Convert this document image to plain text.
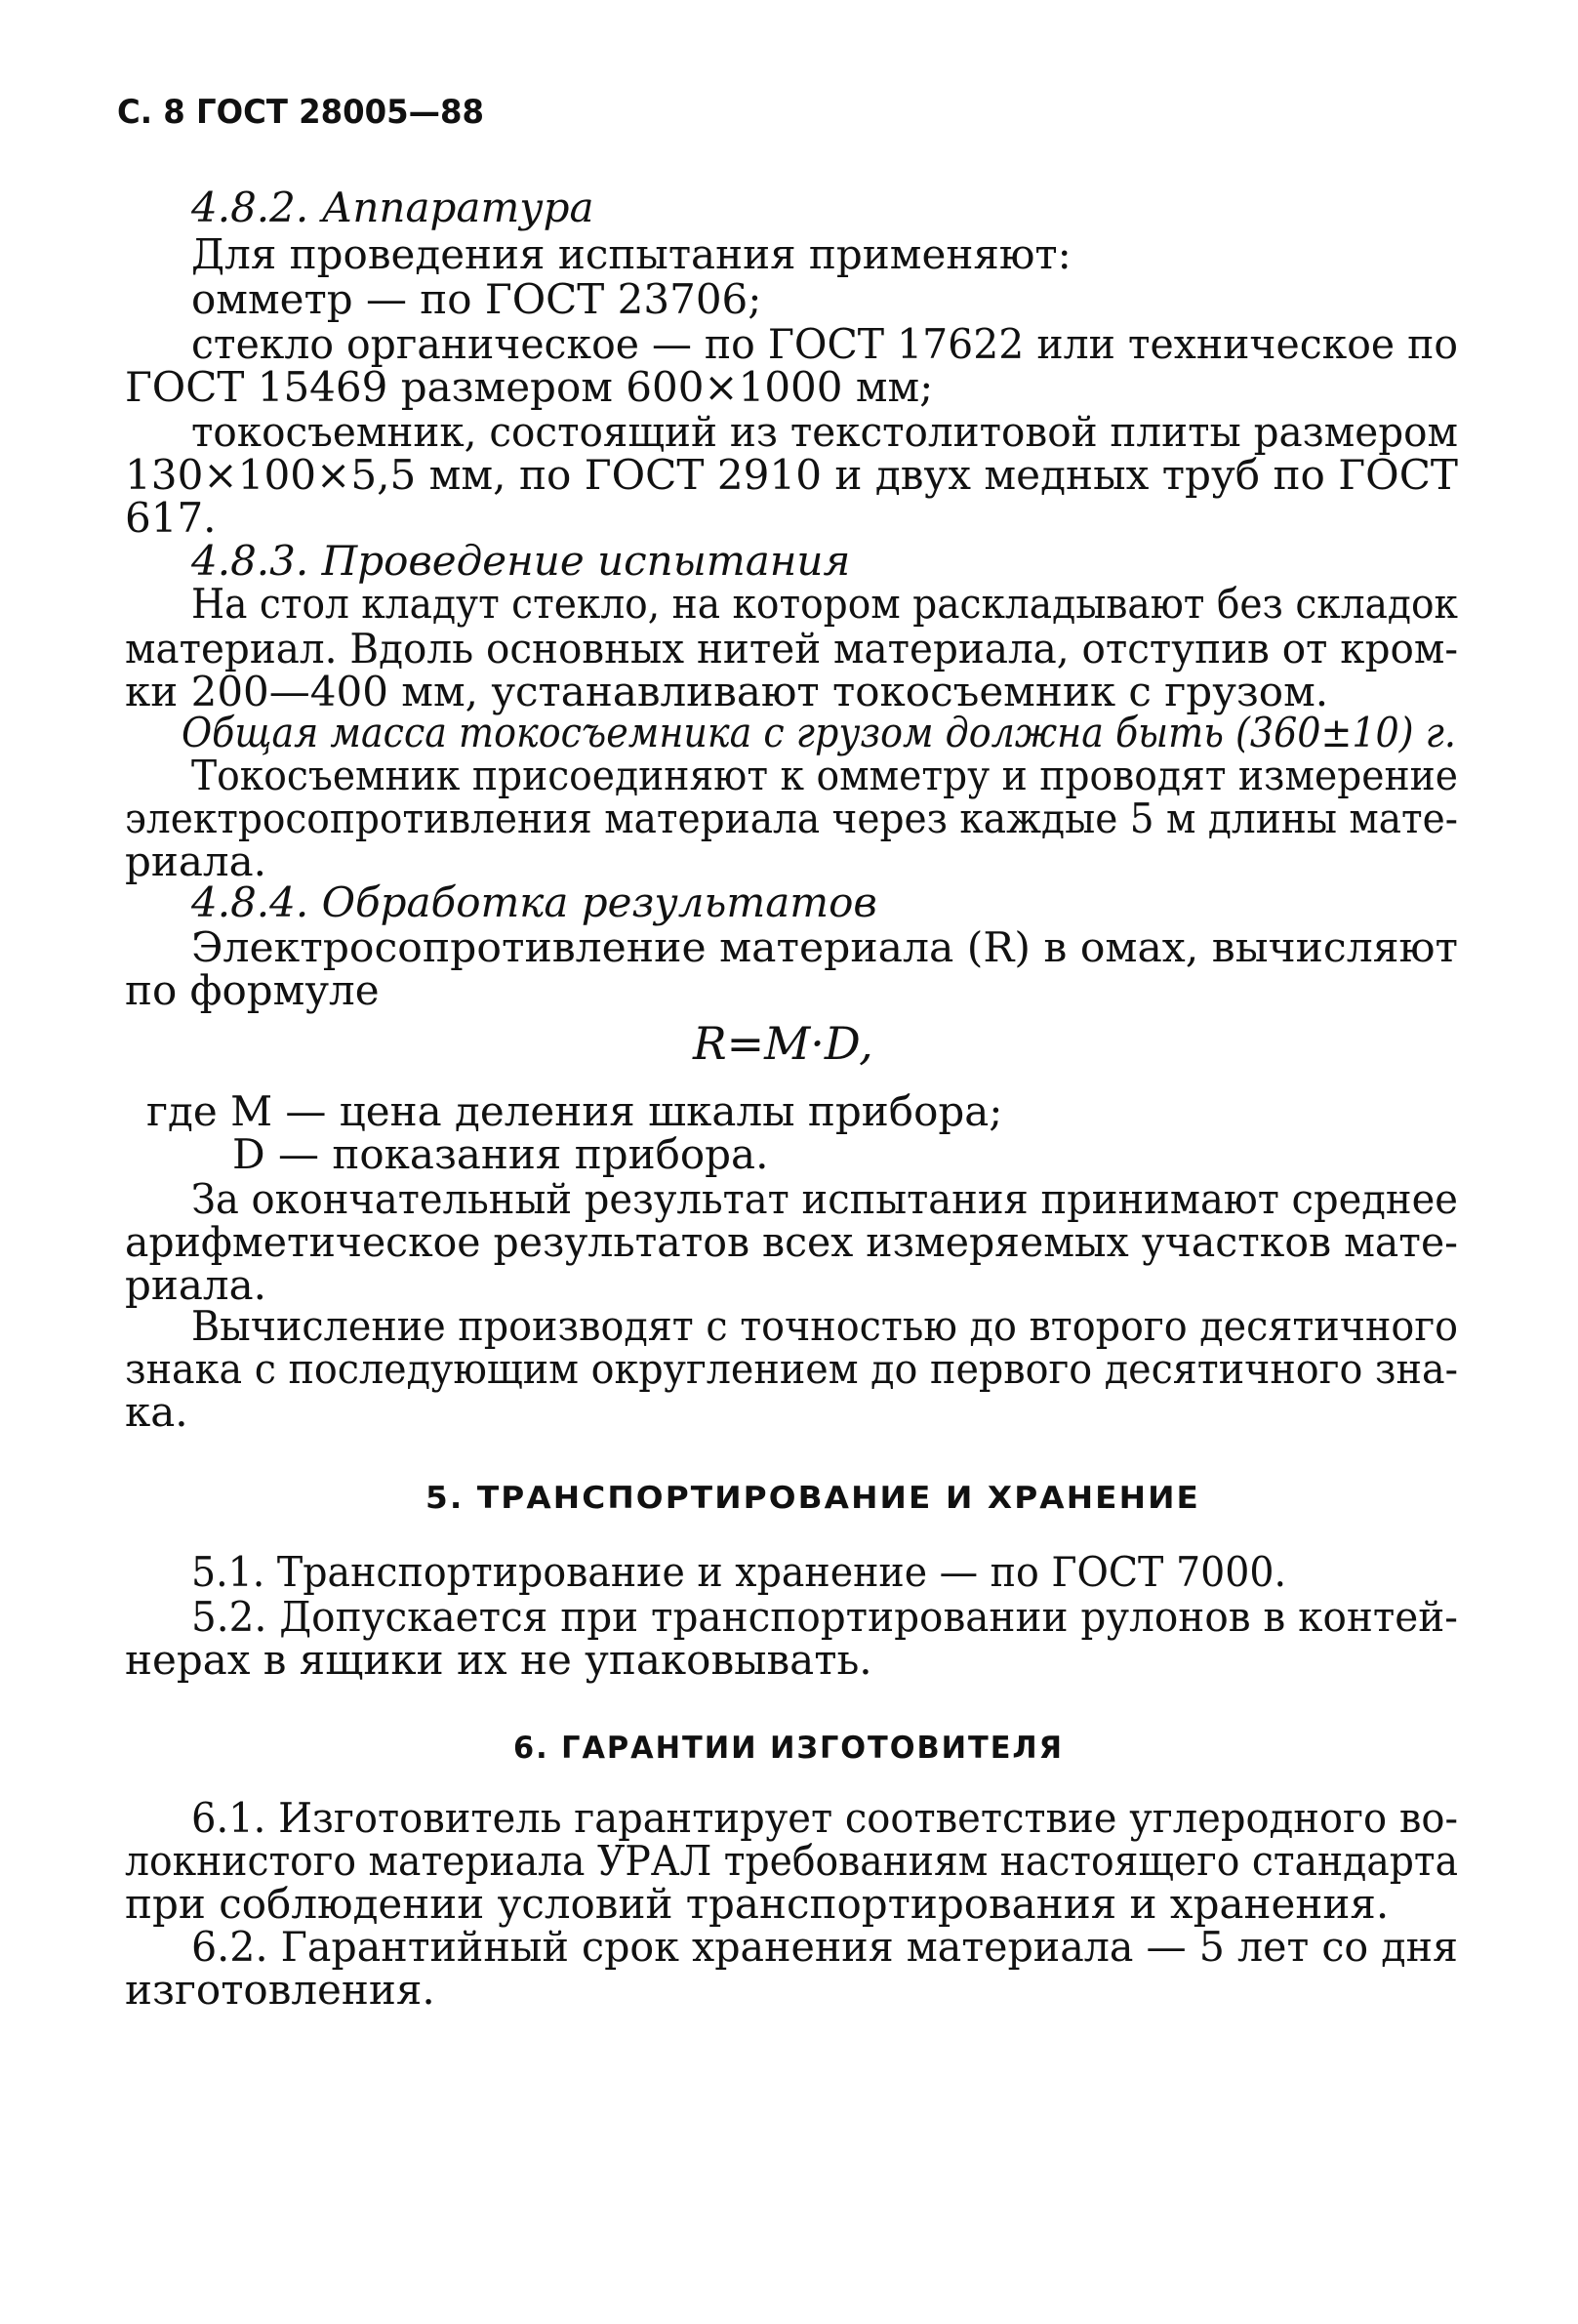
С. 8 ГОСТ 28005—88
4.8.2. Аппаратура
Для проведения испытания применяют:
омметр — по ГОСТ 23706;
стекло органическое — по ГОСТ 17622 или техническое по
ГОСТ 15469 размером 600×1000 мм;
токосъемник, состоящий из текстолитовой плиты размером
130×100×5,5 мм, по ГОСТ 2910 и двух медных труб по ГОСТ
617.
4.8.3. Проведение испытания
На стол кладут стекло, на котором раскладывают без складок
материал. Вдоль основных нитей материала, отступив от кром-
ки 200—400 мм, устанавливают токосъемник с грузом.
Общая масса токосъемника с грузом должна быть (360±10) г.
Токосъемник присоединяют к омметру и проводят измерение
электросопротивления материала через каждые 5 м длины мате-
риала.
4.8.4. Обработка результатов
Электросопротивление материала (R) в омах, вычисляют
по формуле
R=M·D,
где M — цена деления шкалы прибора;
D — показания прибора.
За окончательный результат испытания принимают среднее
арифметическое результатов всех измеряемых участков мате-
риала.
Вычисление производят с точностью до второго десятичного
знака с последующим округлением до первого десятичного зна-
ка.
5. ТРАНСПОРТИРОВАНИЕ И ХРАНЕНИЕ
5.1. Транспортирование и хранение — по ГОСТ 7000.
5.2. Допускается при транспортировании рулонов в контей-
нерах в ящики их не упаковывать.
6. ГАРАНТИИ ИЗГОТОВИТЕЛЯ
6.1. Изготовитель гарантирует соответствие углеродного во-
локнистого материала УРАЛ требованиям настоящего стандарта
при соблюдении условий транспортирования и хранения.
6.2. Гарантийный срок хранения материала — 5 лет со дня
изготовления.
